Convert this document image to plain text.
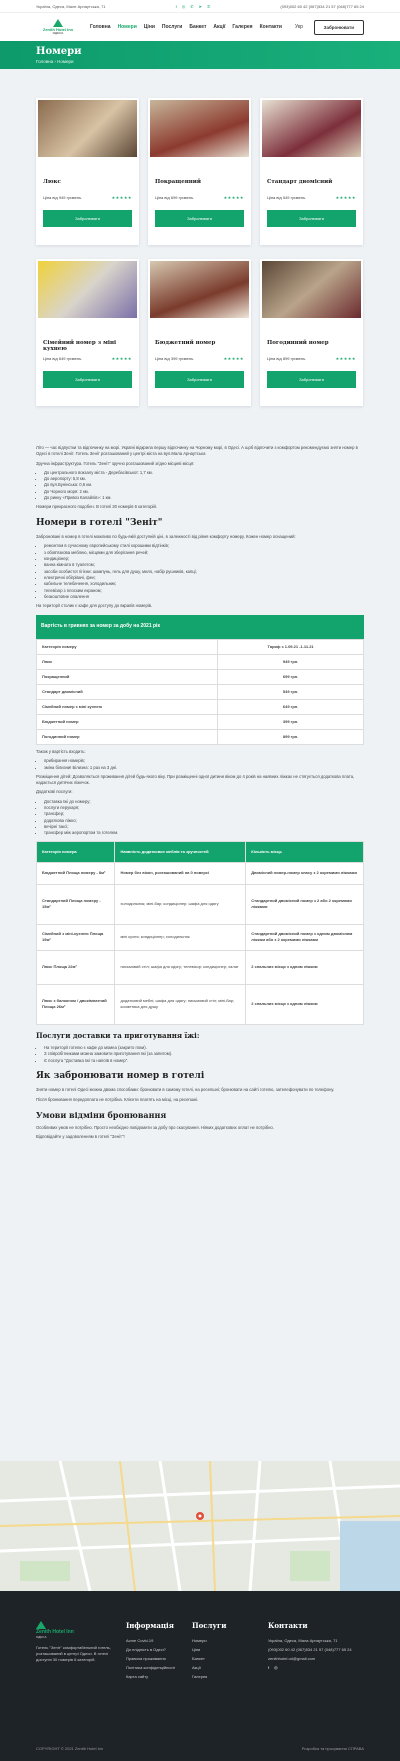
Україна, Одеса, Мале Арнаутська, 71	f ◎ ✆ ➤ ✆	(093)002 60 42 (067)534 21 57 (048)777 65 24
Zenith Hotel Inn
ОДЕСА
Головна Номери Ціни Послуги Банкет Акції Галерея Контакти	Укр	Забронювати
Номери
Головна › Номери
Люкс
Ціна від 949 гривень.	★★★★★
Забронювати
Покращенний
Ціна від 699 гривень.	★★★★★
Забронювати
Стандарт двомісний
Ціна від 549 гривень.	★★★★★
Забронювати
Сімейний номер з міні кухнею
Ціна від 649 гривень.	★★★★★
Забронювати
Бюджетний номер
Ціна від 399 гривень.	★★★★★
Забронювати
Погодинний номер
Ціна від 899 гривень.	★★★★★
Забронювати

Літо — час відпустки та відпочинку на морі. Україні відкрила першу відпочинку на Чорному морі, в Одесі. А щоб відпочити з комфортом рекомендуємо зняти номер в Одесі в готелі Зеніт. Готель Зеніт розташований у центрі міста на вул.Мала Арнаутська

Зручна інфраструктура. Готель "Зеніт" зручно розташований згідно місцеві місця:

• До центрального вокзалу міста - Деребасівської: 1,7 км.
• До аеропорту: 5,8 км.
• До вул.Бунінська: 0,6 км.
• До Чорного моря: 2 км.
• До ринку «Привоз Калайлів»: 1 км.

Номери прекрасного подобен. В готелі 30 номерів 6 категорій.

Номери в готелі "Зеніт"

Заброновані в номер в готелі можливо по будь-якій доступній ціні, в залежності від рівня комфорту номеру. Кожен номер оснащений:

• ремонтом в сучасному європейському стилі хорошими відтінків;
• з обов'язкова меблею, місцями для зберігання речей;
• кондиціонер;
• ванна кімната в туалетом;
• засоби особистої гігієни: шампунь, гель для душу, мило, набір рушників, капці;
• електричні обігрівачі, фен;
• кабельне телебачення, холодильник;
• телевізор з плоским екраном;
• безкоштовне опалення

На території столик є кафе для доступу до вкрапів номерів.

Вартість в гривнях за номер за добу на 2021 рік
Категорія номеру	Тариф з 1.09.21 -1.11.21
Люкс	949 грн.
Покращенний	699 грн.
Стандарт двомісний	549 грн.
Сімейний номер з міні кухнею	649 грн.
Бюджетний номер	399 грн.
Погодинний номер	899 грн.

Також у вартість входить:

• прибирання номерів;
• зміна білизни! Білизна: 1 раз на 3 дні.

Розміщення дітей: Дозволяється проживання дітей будь-якого віку. При розміщенні одної дитини віком до 4 років на наявних ліжках не стягується додаткова плата, надається дитячих ліжечок.

Додаткові послуги:

• Доставка їжі до номеру;
• послуги перукаря;
• трансфер;
• додаткова ліжко;
• вечірні таксі;
• трансфер між аеропортом та готелем.
Категорія номера	Наявність додаткових меблів та зручностей	Кількість місць
Бюджетний Площа номеру - 8м²	Номер без вікон, розташований на 0 поверсі	Двомісний номер-номер класу з 2 окремими ліжками
Стандартний Площа номеру - 15м²	холодильник; міні-бар; кондиціонер; шафа для одягу	Стандартний двомісний номер з 2 або 2 окремими ліжками
Сімейний з міні-кухнею Площа 19м²	міні кухня; кондиціонер; холодильник	Стандартний двомісний номер з одним двомісним ліжком або з 2 окремими ліжками
Люкс Площа 22м²	письмовий стіл; шафа для одягу; телевізор; кондиціонер; халат	2 спальних місця з одним ліжком
Люкс з балконом / двокімнатний Площа 26м²	додатковий меблі; шафа для одягу; письмовий стіл; міні-бар; косметика для душу	2 спальних місця з одним ліжком
Послуги доставки та приготування їжі:
• На території готелю є кафе до момеа (закрито поки).
• З співробітниками можна замовити приготування їжі (за запитом).
• Є послуга "Доставка їжі та напоїв в номер".
Як забронювати номер в готелі

Зняти номер в готелі Одесі можна двома способами: бронювати в самому готелі, на ресепшні; бронювати на сайті готелю, зателефонувати по телефону.

Після бронювання передоплата не потрібна. Клієнти платять на місці, на ресепшні.

Умови відміни бронювання

Особливих умов не потрібно. Просто необхідно повідомити за добу про скасування. Ніяких додаткових оплат не потрібно.

Відповідайте у задоволенням в готелі "Зеніт"!

Zenith Hotel Inn
ОДЕСА
Готель "Зеніт" комфортабельний готель, розташований в центрі Одеси. В готелі доступні 30 номерів 6 категорій.
Інформація
Acme Covid-19
До плідність в Одесі?
Правила проживання
Політика конфіденційності
Карта сайту
Послуги
Номери
Ціни
Банкет
Акції
Галерея
Контакти
Україна, Одеса, Мала Арнаутська, 71
(093)002 60 42 (067)534 21 57 (048)777 65 24
zenithhotel.od@gmail.com
f ◎
COPYRIGHT © 2021 Zenith Hotel Inn	Розробка та просування СПРАВА
